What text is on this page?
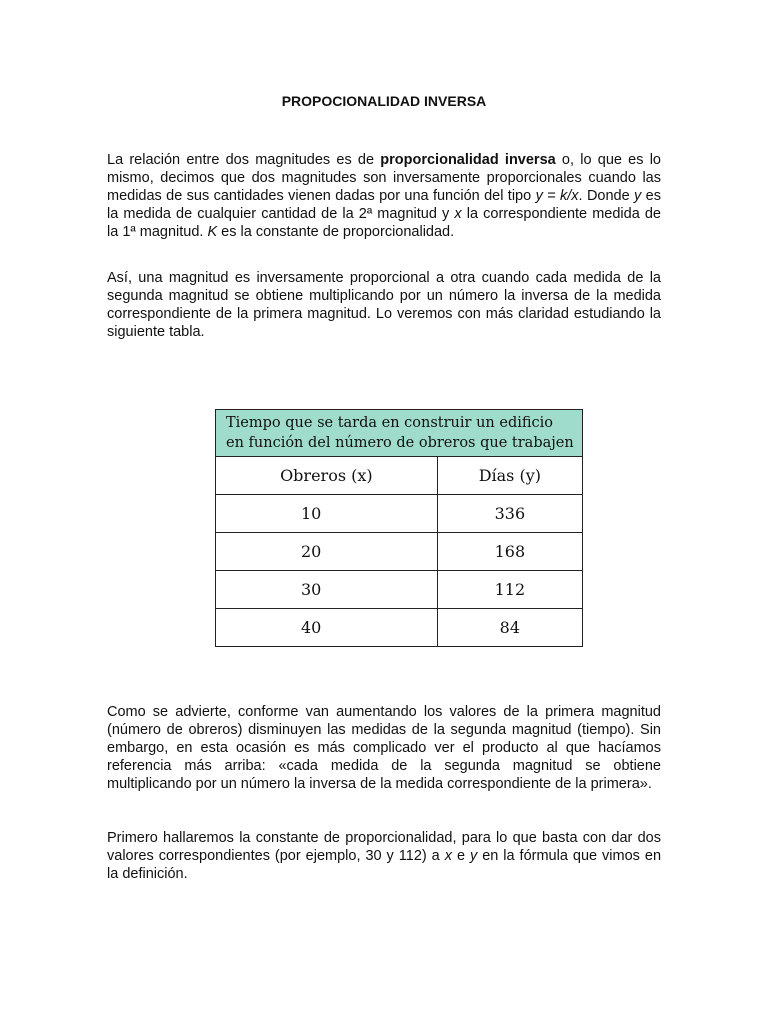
PROPOCIONALIDAD INVERSA

La relación entre dos magnitudes es de proporcionalidad inversa o, lo que es lo mismo, decimos que dos magnitudes son inversamente proporcionales cuando las medidas de sus cantidades vienen dadas por una función del tipo y = k/x. Donde y es la medida de cualquier cantidad de la 2ª magnitud y x la correspondiente medida de la 1ª magnitud. K es la constante de proporcionalidad.

Así, una magnitud es inversamente proporcional a otra cuando cada medida de la segunda magnitud se obtiene multiplicando por un número la inversa de la medida correspondiente de la primera magnitud. Lo veremos con más claridad estudiando la siguiente tabla.

Tiempo que se tarda en construir un edificio
en función del número de obreros que trabajen	
Obreros (x)	Días (y)
10	336
20	168
30	112
40	84

Como se advierte, conforme van aumentando los valores de la primera magnitud (número de obreros) disminuyen las medidas de la segunda magnitud (tiempo). Sin embargo, en esta ocasión es más complicado ver el producto al que hacíamos referencia más arriba: «cada medida de la segunda magnitud se obtiene multiplicando por un número la inversa de la medida correspondiente de la primera».

Primero hallaremos la constante de proporcionalidad, para lo que basta con dar dos valores correspondientes (por ejemplo, 30 y 112) a x e y en la fórmula que vimos en la definición.
